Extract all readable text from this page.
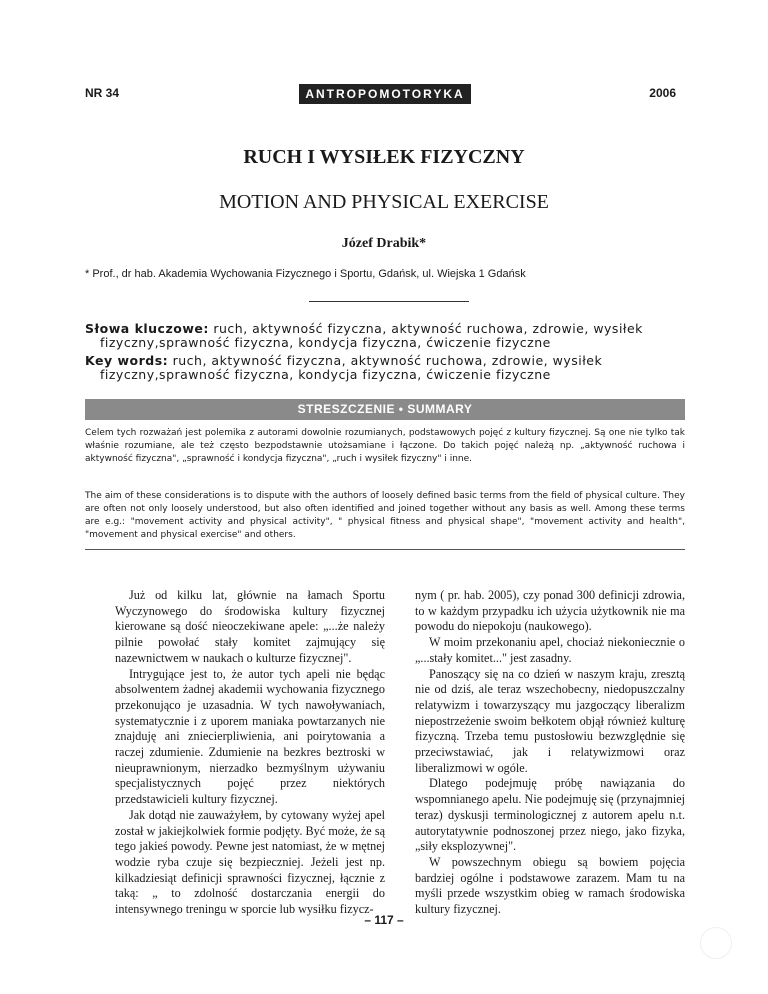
NR 34	ANTROPOMOTORYKA	2006
RUCH I WYSIŁEK FIZYCZNY
MOTION AND PHYSICAL EXERCISE
Józef Drabik*
* Prof., dr hab. Akademia Wychowania Fizycznego i Sportu, Gdańsk, ul. Wiejska 1 Gdańsk
Słowa kluczowe: ruch, aktywność fizyczna, aktywność ruchowa, zdrowie, wysiłek
fizyczny,sprawność fizyczna, kondycja fizyczna, ćwiczenie fizyczne
Key words: ruch, aktywność fizyczna, aktywność ruchowa, zdrowie, wysiłek
fizyczny,sprawność fizyczna, kondycja fizyczna, ćwiczenie fizyczne
STRESZCZENIE • SUMMARY
Celem tych rozważań jest polemika z autorami dowolnie rozumianych, podstawowych pojęć z kultury fizycznej. Są one nie tylko tak właśnie rozumiane, ale też często bezpodstawnie utożsamiane i łączone. Do takich pojęć należą np. „aktywność ruchowa i aktywność fizyczna", „sprawność i kondycja fizyczna", „ruch i wysiłek fizyczny" i inne.
The aim of these considerations is to dispute with the authors of loosely defined basic terms from the field of physical culture. They are often not only loosely understood, but also often identified and joined together without any basis as well. Among these terms are e.g.: "movement activity and physical activity", " physical fitness and physical shape", "movement activity and health", "movement and physical exercise" and others.

Już od kilku lat, głównie na łamach Sportu Wyczynowego do środowiska kultury fizycznej kierowane są dość nieoczekiwane apele: „...że należy pilnie powołać stały komitet zajmujący się nazewnictwem w naukach o kulturze fizycznej".

Intrygujące jest to, że autor tych apeli nie będąc absolwentem żadnej akademii wychowania fizycznego przekonująco je uzasadnia. W tych nawoływaniach, systematycznie i z uporem maniaka powtarzanych nie znajduję ani zniecierpliwienia, ani poirytowania a raczej zdumienie. Zdumienie na bezkres beztroski w nieuprawnionym, nierzadko bezmyślnym używaniu specjalistycznych pojęć przez niektórych przedstawicieli kultury fizycznej.

Jak dotąd nie zauważyłem, by cytowany wyżej apel został w jakiejkolwiek formie podjęty. Być może, że są tego jakieś powody. Pewne jest natomiast, że w mętnej wodzie ryba czuje się bezpieczniej. Jeżeli jest np. kilkadziesiąt definicji sprawności fizycznej, łącznie z taką: „ to zdolność dostarczania energii do intensywnego treningu w sporcie lub wysiłku fizycz-

nym ( pr. hab. 2005), czy ponad 300 definicji zdrowia, to w każdym przypadku ich użycia użytkownik nie ma powodu do niepokoju (naukowego).

W moim przekonaniu apel, chociaż niekoniecznie o „...stały komitet..." jest zasadny.

Panoszący się na co dzień w naszym kraju, zresztą nie od dziś, ale teraz wszechobecny, niedopuszczalny relatywizm i towarzyszący mu jazgoczący liberalizm niepostrzeżenie swoim bełkotem objął również kulturę fizyczną. Trzeba temu pustosłowiu bezwzględnie się przeciwstawiać, jak i relatywizmowi oraz liberalizmowi w ogóle.

Dlatego podejmuję próbę nawiązania do wspomnianego apelu. Nie podejmuję się (przynajmniej teraz) dyskusji terminologicznej z autorem apelu n.t. autorytatywnie podnoszonej przez niego, jako fizyka, „siły eksplozywnej".

W powszechnym obiegu są bowiem pojęcia bardziej ogólne i podstawowe zarazem. Mam tu na myśli przede wszystkim obieg w ramach środowiska kultury fizycznej.

– 117 –
